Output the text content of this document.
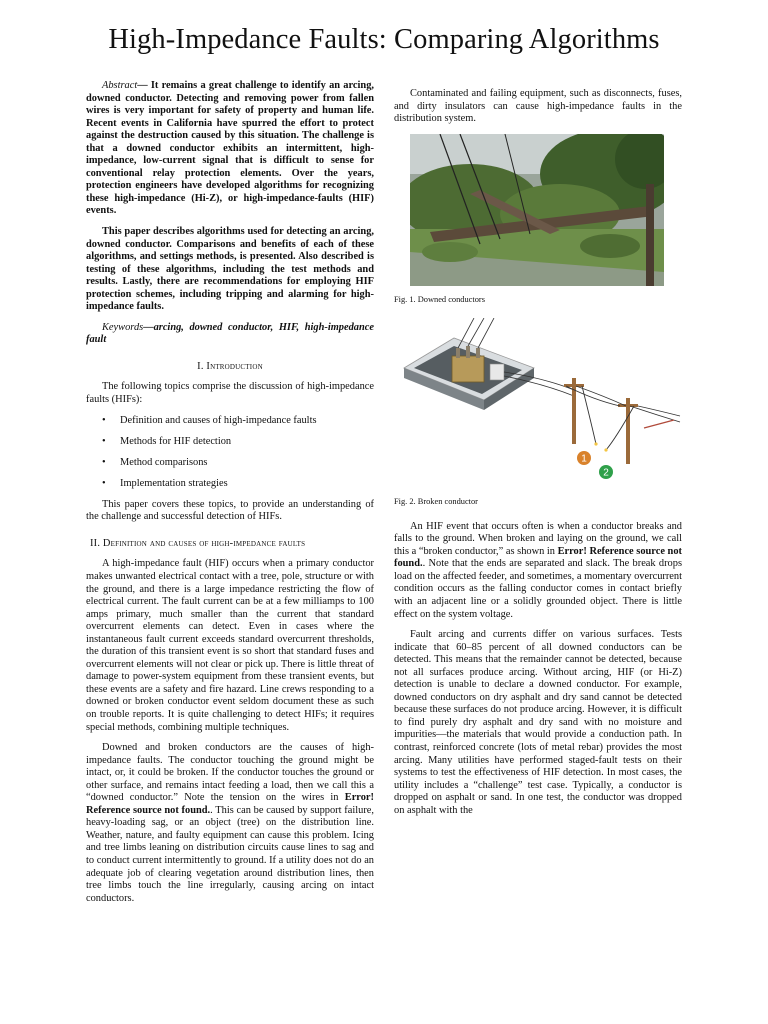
High-Impedance Faults: Comparing Algorithms

Abstract— It remains a great challenge to identify an arcing, downed conductor. Detecting and removing power from fallen wires is very important for safety of property and human life. Recent events in California have spurred the effort to protect against the destruction caused by this situation. The challenge is that a downed conductor exhibits an intermittent, high-impedance, low-current signal that is difficult to sense for conventional relay protection elements. Over the years, protection engineers have developed algorithms for recognizing these high-impedance (Hi-Z), or high-impedance-faults (HIF) events.

This paper describes algorithms used for detecting an arcing, downed conductor. Comparisons and benefits of each of these algorithms, and settings methods, is presented. Also described is testing of these algorithms, including the test methods and results. Lastly, there are recommendations for employing HIF protection schemes, including tripping and alarming for high-impedance faults.

Keywords—arcing, downed conductor, HIF, high-impedance fault

I. Introduction

The following topics comprise the discussion of high-impedance faults (HIFs):

• Definition and causes of high-impedance faults
• Methods for HIF detection
• Method comparisons
• Implementation strategies

This paper covers these topics, to provide an understanding of the challenge and successful detection of HIFs.

II. Definition and causes of high-impedance faults

A high-impedance fault (HIF) occurs when a primary conductor makes unwanted electrical contact with a tree, pole, structure or with the ground, and there is a large impedance restricting the flow of electrical current. The fault current can be at a few milliamps to 100 amps primary, much smaller than the current that standard overcurrent elements can detect. Even in cases where the instantaneous fault current exceeds standard overcurrent thresholds, the duration of this transient event is so short that standard fuses and overcurrent elements will not clear or pick up. There is little threat of damage to power-system equipment from these transient events, but these events are a safety and fire hazard. Line crews responding to a downed or broken conductor event seldom document these as such on trouble reports. It is quite challenging to detect HIFs; it requires special methods, combining multiple techniques.

Downed and broken conductors are the causes of high-impedance faults. The conductor touching the ground might be intact, or, it could be broken. If the conductor touches the ground or other surface, and remains intact feeding a load, then we call this a “downed conductor.” Note the tension on the wires in Error! Reference source not found.. This can be caused by support failure, heavy-loading sag, or an object (tree) on the distribution line. Weather, nature, and faulty equipment can cause this problem. Icing and tree limbs leaning on distribution circuits cause lines to sag and to conduct current intermittently to ground. If a utility does not do an adequate job of clearing vegetation around distribution lines, then tree limbs touch the line irregularly, causing arcing on intact conductors.

Contaminated and failing equipment, such as disconnects, fuses, and dirty insulators can cause high-impedance faults in the distribution system.

Fig. 1. Downed conductors
1
2
Fig. 2. Broken conductor

An HIF event that occurs often is when a conductor breaks and falls to the ground. When broken and laying on the ground, we call this a “broken conductor,” as shown in Error! Reference source not found.. Note that the ends are separated and slack. The break drops load on the affected feeder, and sometimes, a momentary overcurrent condition occurs as the falling conductor comes in contact briefly with an adjacent line or a solidly grounded object. There is little effect on the system voltage.

Fault arcing and currents differ on various surfaces. Tests indicate that 60–85 percent of all downed conductors can be detected. This means that the remainder cannot be detected, because not all surfaces produce arcing. Without arcing, HIF (or Hi-Z) detection is unable to declare a downed conductor. For example, downed conductors on dry asphalt and dry sand cannot be detected because these surfaces do not produce arcing. However, it is difficult to find purely dry asphalt and dry sand with no moisture and impurities—the materials that would provide a conduction path. In contrast, reinforced concrete (lots of metal rebar) provides the most arcing. Many utilities have performed staged-fault tests on their systems to test the effectiveness of HIF detection. In most cases, the utility includes a “challenge” test case. Typically, a conductor is dropped on asphalt or sand. In one test, the conductor was dropped on asphalt with the
